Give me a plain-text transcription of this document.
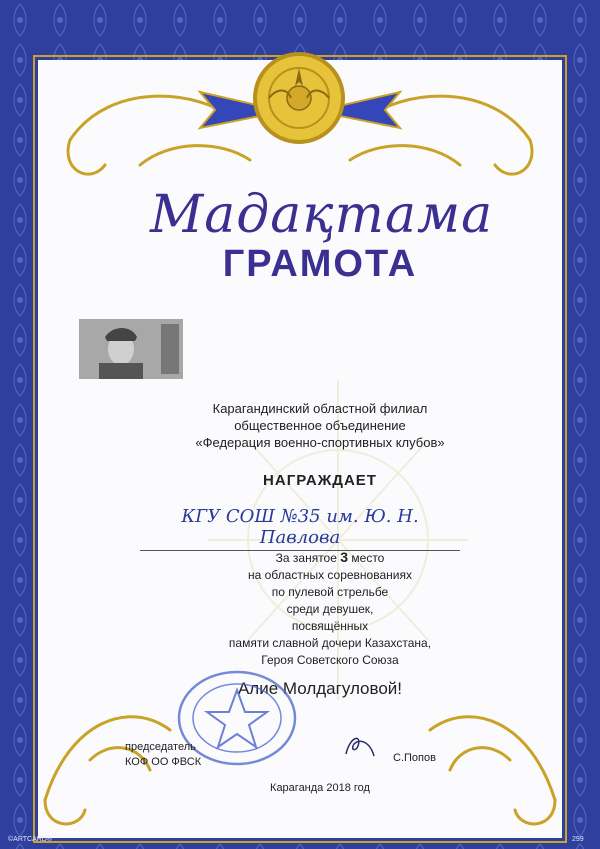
Мадақтама
ГРАМОТА
Карагандинский областной филиал
общественное объединение
«Федерация военно-спортивных клубов»
НАГРАЖДАЕТ
КГУ СОШ №35 им. Ю. Н. Павлова
За занятое 3 место
на областных соревнованиях
по пулевой стрельбе
среди девушек,
посвящённых
памяти славной дочери Казахстана,
Героя Советского Союза
Алие Молдагуловой!
председатель
КОФ ОО ФВСК	С.Попов
Караганда 2018 год
©ARTCARD®	299
